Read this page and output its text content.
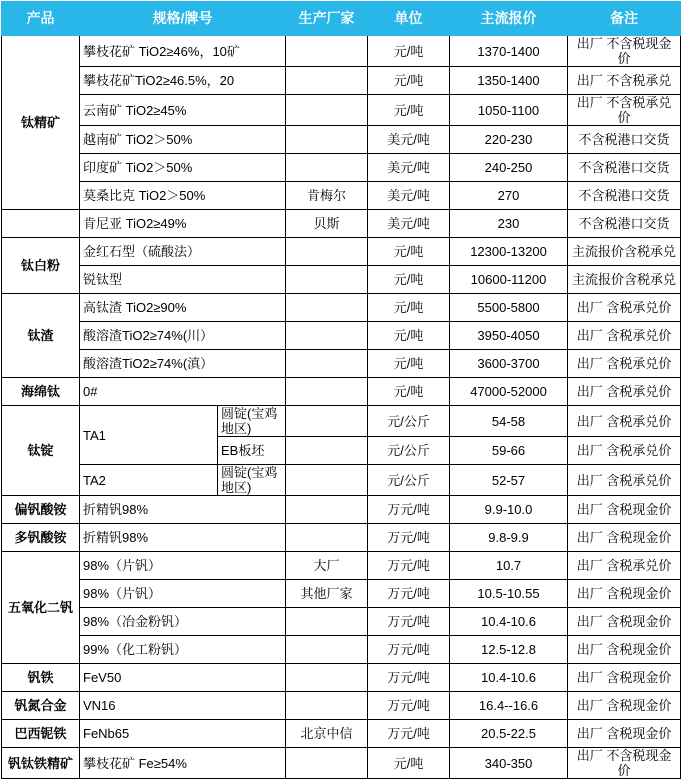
产品	规格/牌号		生产厂家	单位	主流报价	备注
钛精矿	攀枝花矿 TiO2≥46%，10矿			元/吨	1370-1400	出厂 不含税现金价
	攀枝花矿TiO2≥46.5%，20			元/吨	1350-1400	出厂 不含税承兑
	云南矿 TiO2≥45%			元/吨	1050-1100	出厂 不含税承兑价
	越南矿 TiO2＞50%			美元/吨	220-230	不含税港口交货
	印度矿 TiO2＞50%			美元/吨	240-250	不含税港口交货
	莫桑比克 TiO2＞50%		肯梅尔	美元/吨	270	不含税港口交货
	肯尼亚 TiO2≥49%		贝斯	美元/吨	230	不含税港口交货
钛白粉	金红石型（硫酸法）			元/吨	12300-13200	主流报价含税承兑
	锐钛型			元/吨	10600-11200	主流报价含税承兑
钛渣	高钛渣 TiO2≥90%			元/吨	5500-5800	出厂 含税承兑价
	酸溶渣TiO2≥74%(川）			元/吨	3950-4050	出厂 含税承兑价
	酸溶渣TiO2≥74%(滇）			元/吨	3600-3700	出厂 含税承兑价
海绵钛	0#			元/吨	47000-52000	出厂 含税承兑价
钛锭	TA1	圆锭(宝鸡地区)		元/公斤	54-58	出厂 含税承兑价
		EB板坯		元/公斤	59-66	出厂 含税承兑价
	TA2	圆锭(宝鸡地区)		元/公斤	52-57	出厂 含税承兑价
偏钒酸铵	折精钒98%			万元/吨	9.9-10.0	出厂 含税现金价
多钒酸铵	折精钒98%			万元/吨	9.8-9.9	出厂 含税现金价
五氧化二钒	98%（片钒）		大厂	万元/吨	10.7	出厂 含税承兑价
	98%（片钒）		其他厂家	万元/吨	10.5-10.55	出厂 含税现金价
	98%（冶金粉钒）			万元/吨	10.4-10.6	出厂 含税现金价
	99%（化工粉钒）			万元/吨	12.5-12.8	出厂 含税现金价
钒铁	FeV50			万元/吨	10.4-10.6	出厂 含税现金价
钒氮合金	VN16			万元/吨	16.4--16.6	出厂 含税现金价
巴西铌铁	FeNb65		北京中信	万元/吨	20.5-22.5	出厂 含税现金价
钒钛铁精矿	攀枝花矿 Fe≥54%			元/吨	340-350	出厂 不含税现金价
